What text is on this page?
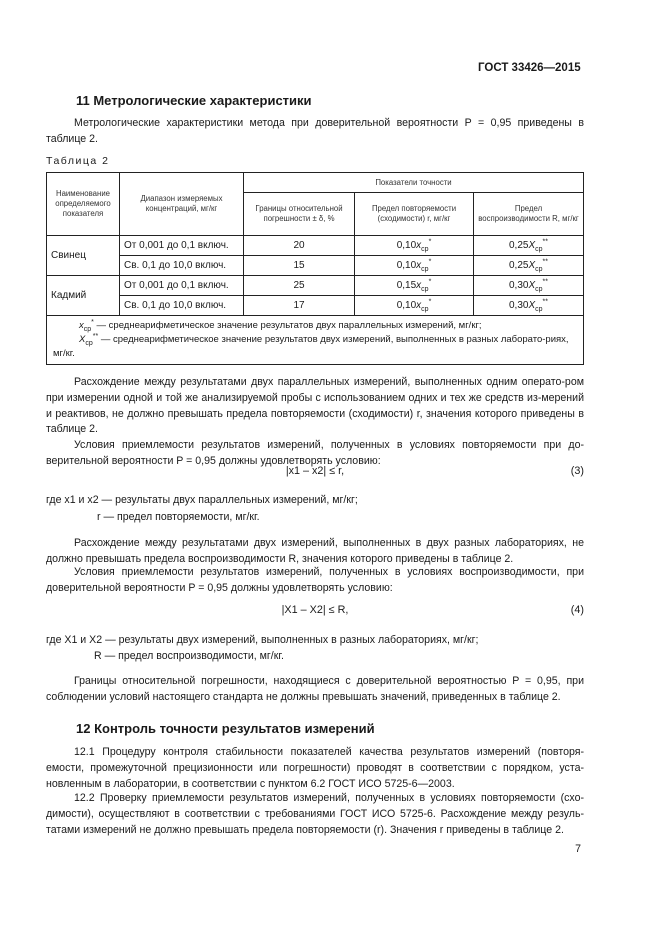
ГОСТ 33426—2015
11 Метрологические характеристики
Метрологические характеристики метода при доверительной вероятности P = 0,95 приведены в таблице 2.
Таблица 2
Наименование определяемого показателя	Диапазон измеряемых концентраций, мг/кг	Показатели точности		
		Границы относительной погрешности ± δ, %	Предел повторяемости (сходимости) r, мг/кг	Предел воспроизводимости R, мг/кг
Свинец	От 0,001 до 0,1 включ.	20	$0,10x_{ср}^*$	$0,25X_{ср}^{**}$
	Св. 0,1 до 10,0 включ.	15	$0,10x_{ср}^*$	$0,25X_{ср}^{**}$
Кадмий	От 0,001 до 0,1 включ.	25	$0,15x_{ср}^*$	$0,30X_{ср}^{**}$
	Св. 0,1 до 10,0 включ.	17	$0,10x_{ср}^*$	$0,30X_{ср}^{**}$

$x_{ср}^*$ — среднеарифметическое значение результатов двух параллельных измерений, мг/кг;
$X_{ср}^{**}$ — среднеарифметическое значение результатов двух измерений, выполненных в разных лаборато-риях, мг/кг.				
Расхождение между результатами двух параллельных измерений, выполненных одним операто-ром при измерении одной и той же анализируемой пробы с использованием одних и тех же средств из-мерений и реактивов, не должно превышать предела повторяемости (сходимости) r, значения которого приведены в таблице 2.
Условия приемлемости результатов измерений, полученных в условиях повторяемости при до-верительной вероятности P = 0,95 должны удовлетворять условию:
|x1 – x2| ≤ r,	(3)
где x1 и x2 — результаты двух параллельных измерений, мг/кг;
r — предел повторяемости, мг/кг.
Расхождение между результатами двух измерений, выполненных в двух разных лабораториях, не должно превышать предела воспроизводимости R, значения которого приведены в таблице 2.
Условия приемлемости результатов измерений, полученных в условиях воспроизводимости, при доверительной вероятности P = 0,95 должны удовлетворять условию:
|X1 – X2| ≤ R,	(4)
где X1 и X2 — результаты двух измерений, выполненных в разных лабораториях, мг/кг;
R — предел воспроизводимости, мг/кг.
Границы относительной погрешности, находящиеся с доверительной вероятностью P = 0,95, при соблюдении условий настоящего стандарта не должны превышать значений, приведенных в таблице 2.
12 Контроль точности результатов измерений
12.1 Процедуру контроля стабильности показателей качества результатов измерений (повторя-емости, промежуточной прецизионности или погрешности) проводят в соответствии с порядком, уста-новленным в лаборатории, в соответствии с пунктом 6.2 ГОСТ ИСО 5725-6—2003.
12.2 Проверку приемлемости результатов измерений, полученных в условиях повторяемости (схо-димости), осуществляют в соответствии с требованиями ГОСТ ИСО 5725-6. Расхождение между резуль-татами измерений не должно превышать предела повторяемости (r). Значения r приведены в таблице 2.
7
